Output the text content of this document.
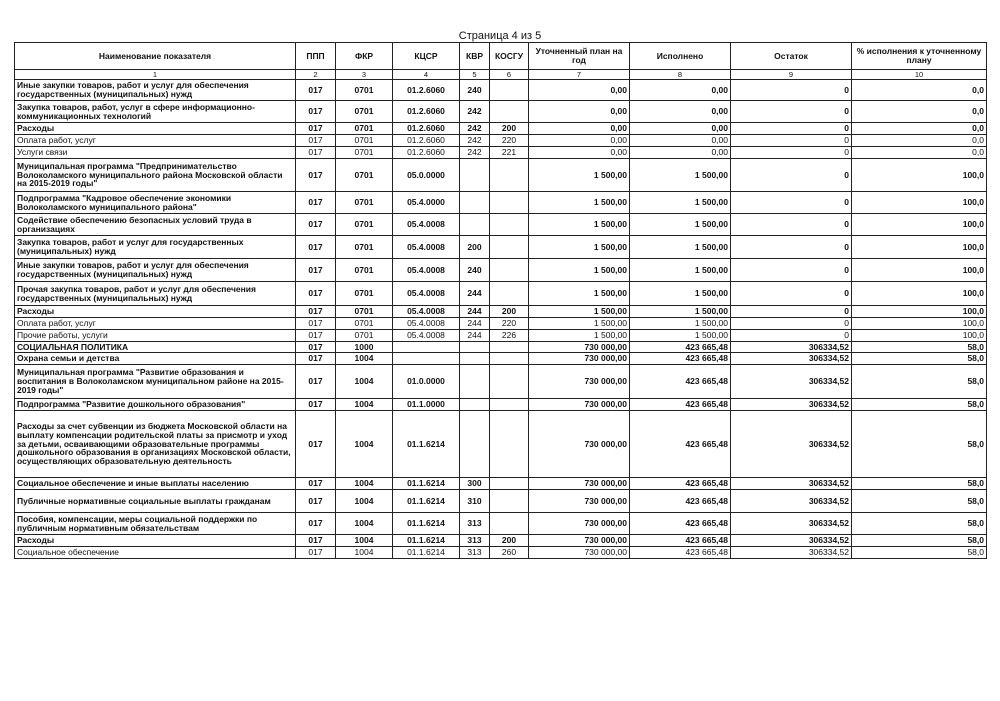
Страница 4 из 5
Наименование показателя	ППП	ФКР	КЦСР	КВР	КОСГУ	Уточненный план на год	Исполнено	Остаток	% исполнения к уточненному плану
1	2	3	4	5	6	7	8	9	10
Иные закупки товаров, работ и услуг для обеспечения государственных (муниципальных) нужд	017	0701	01.2.6060	240		0,00	0,00	0	0,0
Закупка товаров, работ, услуг в сфере информационно-коммуникационных технологий	017	0701	01.2.6060	242		0,00	0,00	0	0,0
Расходы	017	0701	01.2.6060	242	200	0,00	0,00	0	0,0
Оплата работ, услуг	017	0701	01.2.6060	242	220	0,00	0,00	0	0,0
Услуги связи	017	0701	01.2.6060	242	221	0,00	0,00	0	0,0
Муниципальная программа "Предпринимательство Волоколамского муниципального района Московской области на 2015-2019 годы"	017	0701	05.0.0000			1 500,00	1 500,00	0	100,0
Подпрограмма "Кадровое обеспечение экономики Волоколамского муниципального района"	017	0701	05.4.0000			1 500,00	1 500,00	0	100,0
Содействие обеспечению безопасных условий труда в организациях	017	0701	05.4.0008			1 500,00	1 500,00	0	100,0
Закупка товаров, работ и услуг для государственных (муниципальных) нужд	017	0701	05.4.0008	200		1 500,00	1 500,00	0	100,0
Иные закупки товаров, работ и услуг для обеспечения государственных (муниципальных) нужд	017	0701	05.4.0008	240		1 500,00	1 500,00	0	100,0
Прочая закупка товаров, работ и услуг для обеспечения государственных (муниципальных) нужд	017	0701	05.4.0008	244		1 500,00	1 500,00	0	100,0
Расходы	017	0701	05.4.0008	244	200	1 500,00	1 500,00	0	100,0
Оплата работ, услуг	017	0701	05.4.0008	244	220	1 500,00	1 500,00	0	100,0
Прочие работы, услуги	017	0701	05.4.0008	244	226	1 500,00	1 500,00	0	100,0
СОЦИАЛЬНАЯ ПОЛИТИКА	017	1000				730 000,00	423 665,48	306334,52	58,0
Охрана семьи и детства	017	1004				730 000,00	423 665,48	306334,52	58,0
Муниципальная программа "Развитие образования и воспитания в Волоколамском муниципальном районе на 2015-2019 годы"	017	1004	01.0.0000			730 000,00	423 665,48	306334,52	58,0
Подпрограмма "Развитие дошкольного образования"	017	1004	01.1.0000			730 000,00	423 665,48	306334,52	58,0
Расходы за счет субвенции из бюджета Московской области на выплату компенсации родительской платы за присмотр и уход за детьми, осваивающими образовательные программы дошкольного образования в организациях Московской области, осуществляющих образовательную деятельность	017	1004	01.1.6214			730 000,00	423 665,48	306334,52	58,0
Социальное обеспечение и иные выплаты населению	017	1004	01.1.6214	300		730 000,00	423 665,48	306334,52	58,0
Публичные нормативные социальные выплаты гражданам	017	1004	01.1.6214	310		730 000,00	423 665,48	306334,52	58,0
Пособия, компенсации, меры социальной поддержки по публичным нормативным обязательствам	017	1004	01.1.6214	313		730 000,00	423 665,48	306334,52	58,0
Расходы	017	1004	01.1.6214	313	200	730 000,00	423 665,48	306334,52	58,0
Социальное обеспечение	017	1004	01.1.6214	313	260	730 000,00	423 665,48	306334,52	58,0
